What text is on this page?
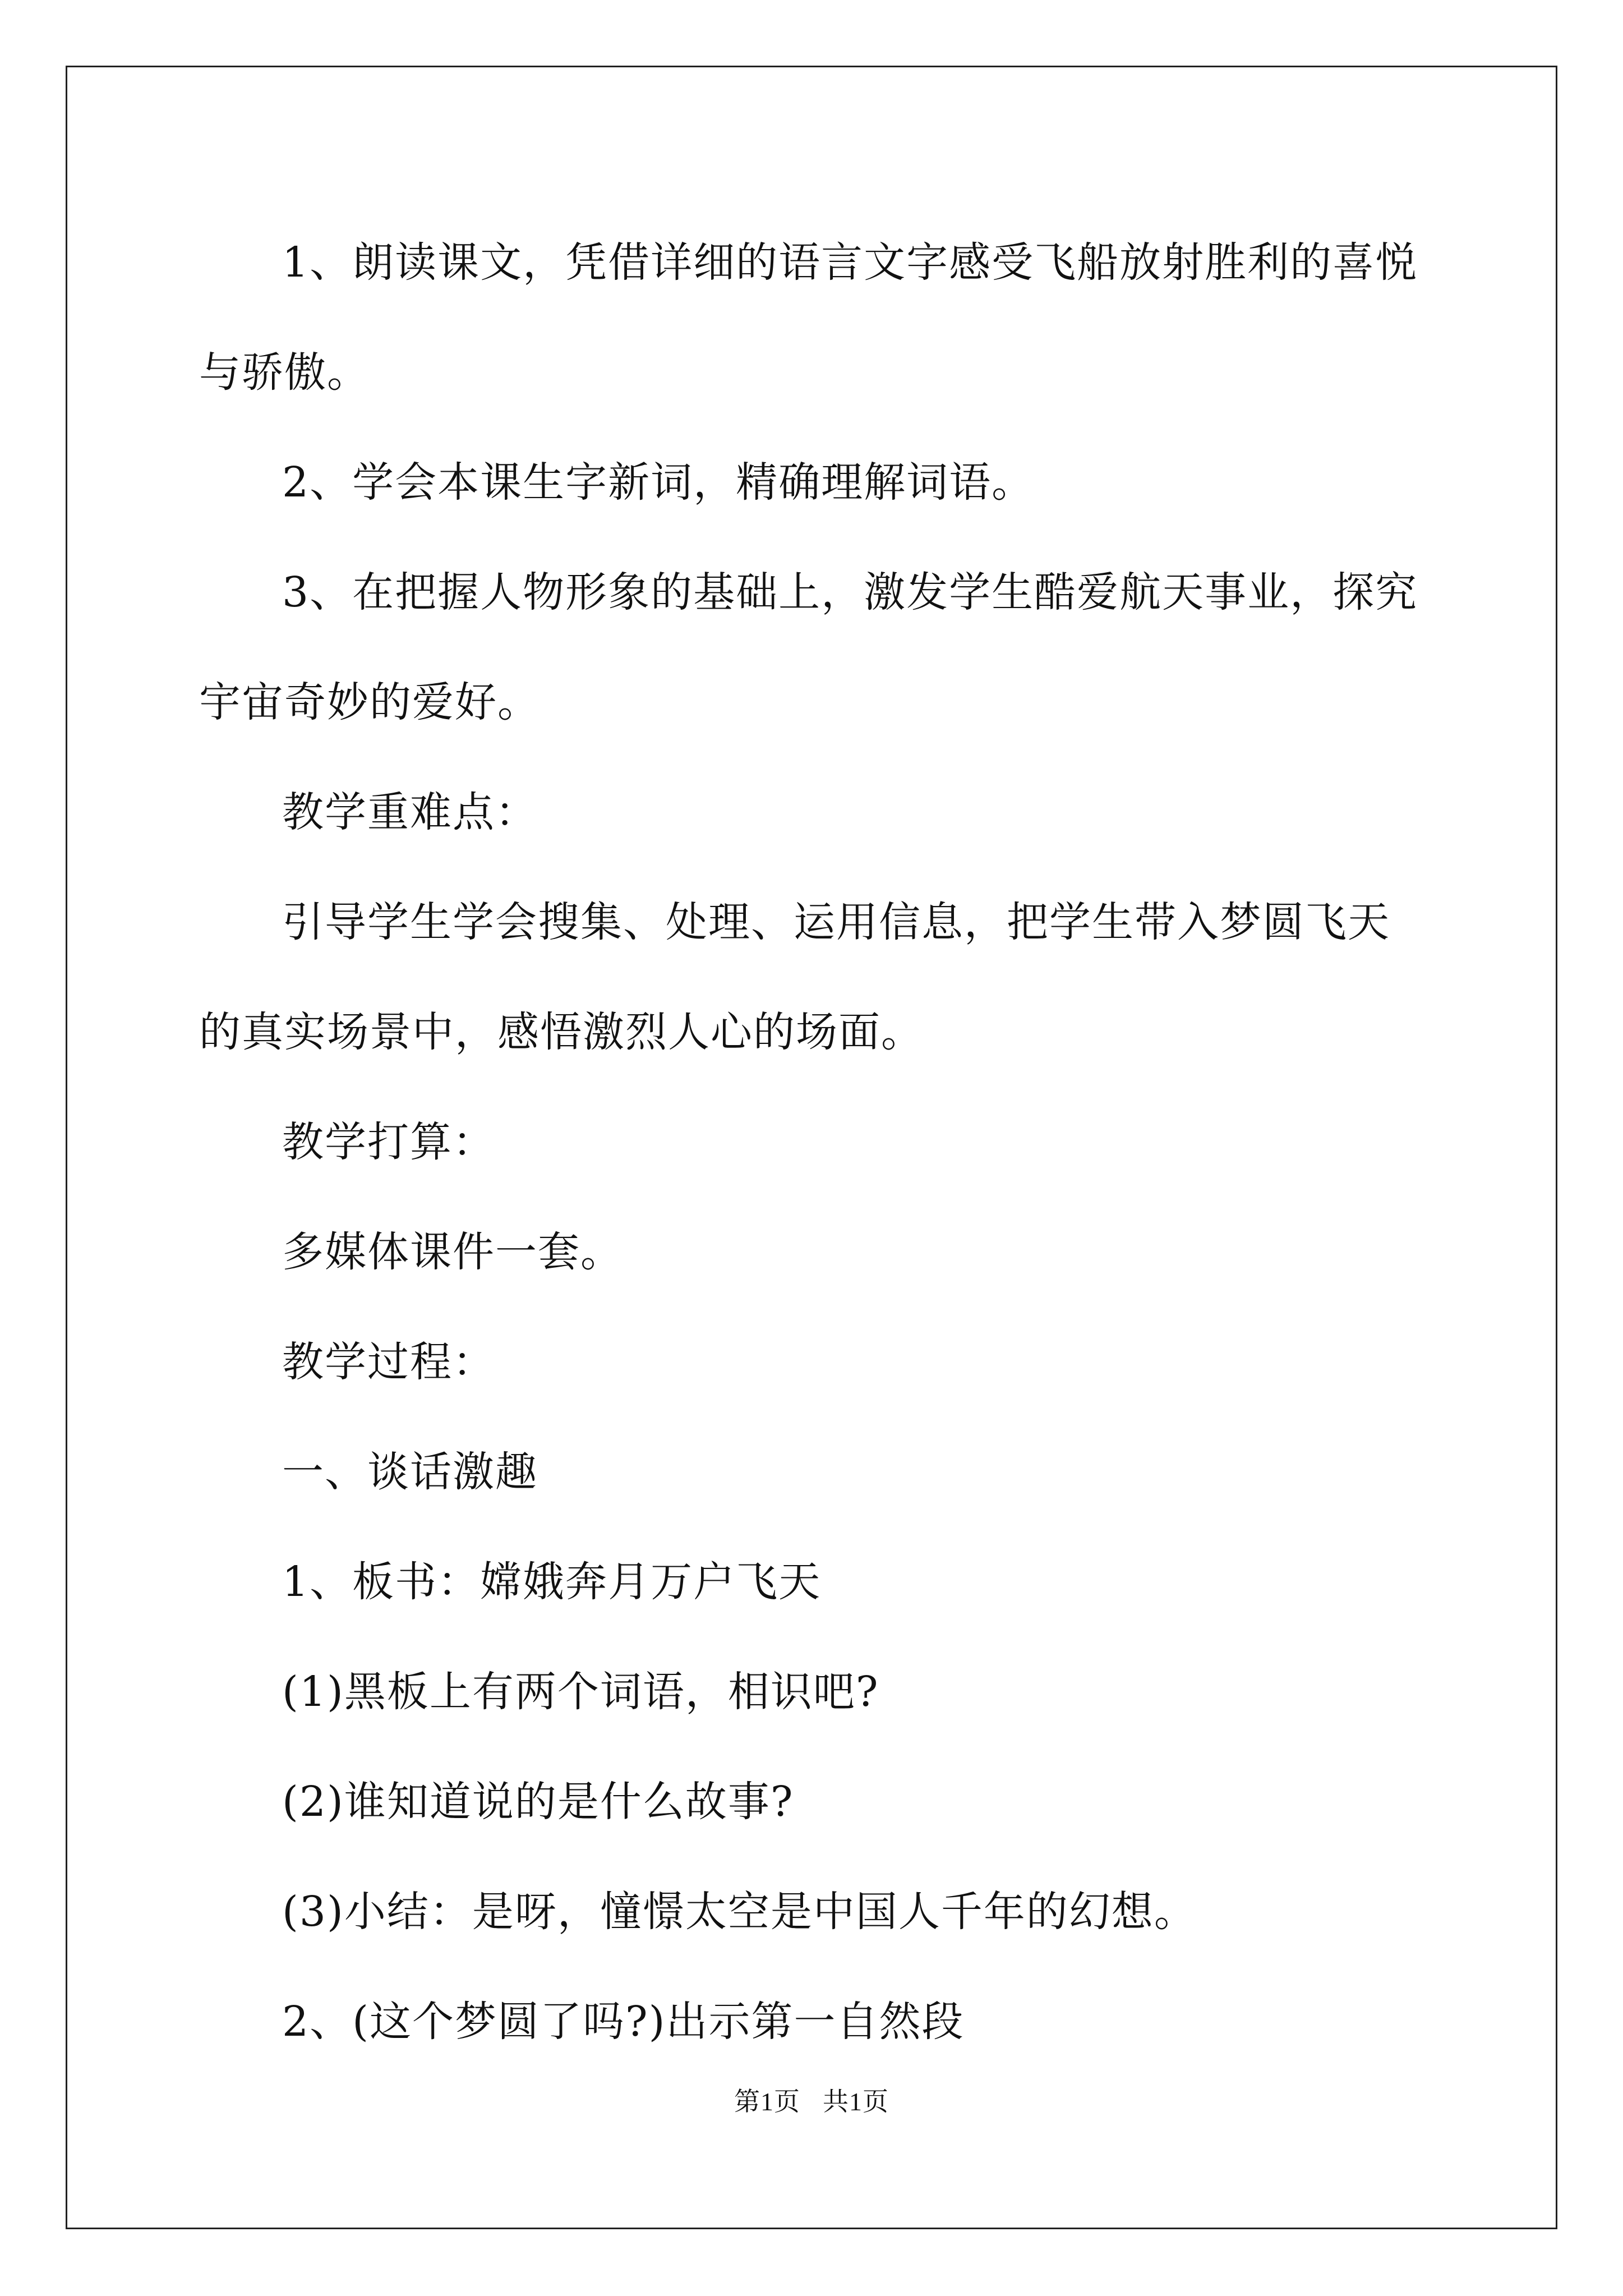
1、朗读课文，凭借详细的语言文字感受飞船放射胜利的喜悦与骄傲。

2、学会本课生字新词，精确理解词语。

3、在把握人物形象的基础上，激发学生酷爱航天事业，探究宇宙奇妙的爱好。

教学重难点：

引导学生学会搜集、处理、运用信息，把学生带入梦圆飞天的真实场景中，感悟激烈人心的场面。

教学打算：

多媒体课件一套。

教学过程：

一、谈话激趣

1、板书：嫦娥奔月万户飞天

(1)黑板上有两个词语，相识吧?

(2)谁知道说的是什么故事?

(3)小结：是呀，憧憬太空是中国人千年的幻想。

2、(这个梦圆了吗?)出示第一自然段

第1页 共1页
